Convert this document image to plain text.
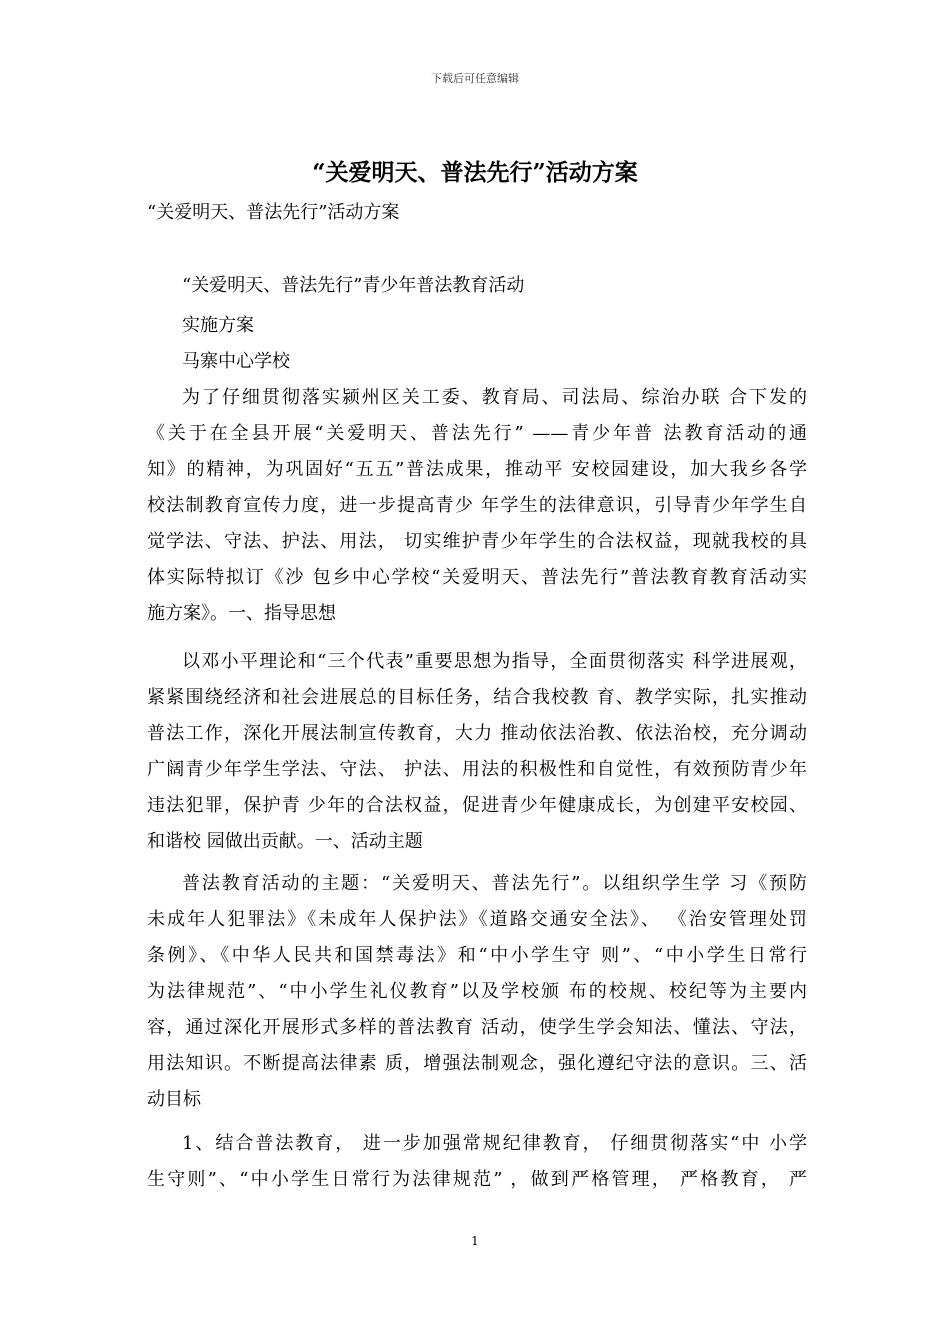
下载后可任意编辑
“关爱明天、普法先行”活动方案
“关爱明天、普法先行”活动方案
“关爱明天、普法先行”青少年普法教育活动
实施方案
马寨中心学校
为了仔细贯彻落实颍州区关工委、教育局、司法局、综治办联 合下发的
《关于在全县开展“关爱明天、普法先行” ——青少年普 法教育活动的通
知》的精神，为巩固好“五五”普法成果，推动平 安校园建设，加大我乡各学
校法制教育宣传力度，进一步提高青少 年学生的法律意识，引导青少年学生自
觉学法、守法、护法、用法， 切实维护青少年学生的合法权益，现就我校的具
体实际特拟订《沙 包乡中心学校“关爱明天、普法先行”普法教育教育活动实
施方案》。一、指导思想
以邓小平理论和“三个代表”重要思想为指导，全面贯彻落实 科学进展观，
紧紧围绕经济和社会进展总的目标任务，结合我校教 育、教学实际，扎实推动
普法工作，深化开展法制宣传教育，大力 推动依法治教、依法治校，充分调动
广阔青少年学生学法、守法、 护法、用法的积极性和自觉性，有效预防青少年
违法犯罪，保护青 少年的合法权益，促进青少年健康成长，为创建平安校园、
和谐校 园做出贡献。一、活动主题
普法教育活动的主题：“关爱明天、普法先行”。以组织学生学 习《预防
未成年人犯罪法》《未成年人保护法》《道路交通安全法》、 《治安管理处罚
条例》、《中华人民共和国禁毒法》和“中小学生守 则”、“中小学生日常行
为法律规范”、“中小学生礼仪教育”以及学校颁 布的校规、校纪等为主要内
容，通过深化开展形式多样的普法教育 活动，使学生学会知法、懂法、守法，
用法知识。不断提高法律素 质，增强法制观念，强化遵纪守法的意识。三、活
动目标
1、结合普法教育， 进一步加强常规纪律教育， 仔细贯彻落实“中 小学
生守则”、“中小学生日常行为法律规范” ，做到严格管理， 严格教育， 严
1
